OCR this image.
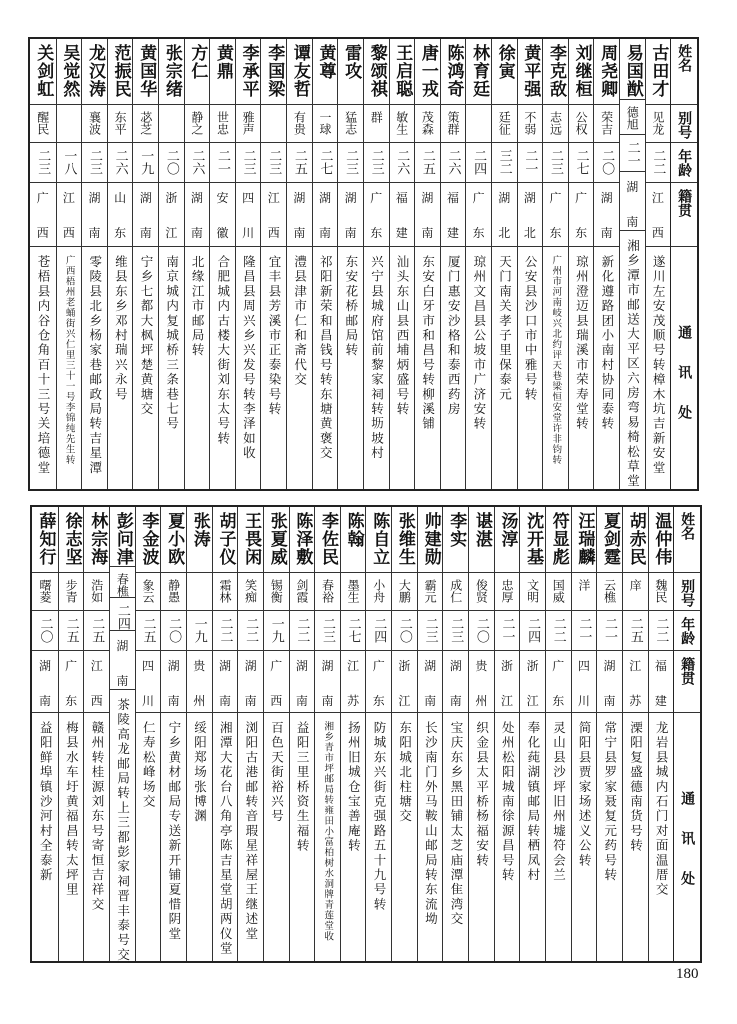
姓名
别号
年龄
籍贯
通讯处
古田才
见龙
二二
江
西
遂川左安茂顺号转樟木坑吉新安堂
易国猷
德旭
二一
湖
南
湘乡潭市邮送大平区六房弯易椅松草堂
周尧卿
荣吉
二〇
湖
南
新化遵路团小南村协同泰转
刘继桓
公权
二七
广
东
琼州澄迈县瑞溪市荣寿堂转
李克敌
志远
二三
广
东
广州市河南岐兴北约评天巷梁恒安堂许非钧转
黄平强
不弱
二一
湖
北
公安县沙口市中雅号转
徐寅
廷征
三二
湖
北
天门南关孝子里保泰元
林育廷
二四
广
东
琼州文昌县公坡市广济安转
陈鸿奇
策群
二六
福
建
厦门惠安沙格和泰西药房
唐一戎
茂森
二五
湖
南
东安白牙市和昌号转柳溪铺
王启聪
敏生
二六
福
建
汕头东山县西埔炳盛号转
黎颂祺
群
二三
广
东
兴宁县城府馆前黎家祠转坜坡村
雷攻
猛志
二三
湖
南
东安花桥邮局转
黄尊
一球
二七
湖
南
祁阳新荣和昌钱号转东塘黄褒交
谭友哲
有贵
二五
湖
南
澧县津市仁和斋代交
李国梁
二三
江
西
宜丰县芳溪市正泰染号转
李承平
雅声
二三
四
川
隆昌县周兴乡兴发号转李泽如收
黄鼎
世忠
二一
安
徽
合肥城内古楼大街刘东太号转
方仁
静之
二六
湖
南
北缘江市邮局转
张宗绪
二〇
浙
江
南京城内复城桥三条巷七号
黄国华
苾芝
一九
湖
南
宁乡七都大枫坪楚黄塘交
范振民
东平
二六
山
东
维县东乡邓村瑞兴永号
龙汉涛
襄波
二三
湖
南
零陵县北乡杨家巷邮政局转吉星潭
吴觉然
一八
江
西
广西梧州老蛹街兴仁里三十一号李锦纯先生转
关剑虹
醒民
二三
广
西
苍梧县内谷仓角百十三号关培德堂
姓名
别号
年龄
籍贯
通讯处
温仲伟
魏民
二二
福
建
龙岩县城内石门对面温厝交
胡赤民
庠
二五
江
苏
溧阳复盛德南货号转
夏剑霆
云樵
二一
湖
南
常宁县罗家聂复元药号转
汪瑞麟
洋
二一
四
川
简阳县贾家场述义公转
符显彪
国威
二二
广
东
灵山县沙坪旧州墟符会兰
沈开基
文明
二四
浙
江
奉化莼湖镇邮局转栖凤村
汤淳
忠厚
二一
浙
江
处州松阳城南徐源昌号转
谌湛
俊贤
二〇
贵
州
织金县太平桥杨福安转
李实
成仁
二三
湖
南
宝庆东乡黑田铺太芝庙潭隹湾交
帅建勋
霸元
二三
湖
南
长沙南门外马鞍山邮局转东流坳
张维生
大鹏
二〇
浙
江
东阳城北柱塘交
陈自立
小舟
二四
广
东
防城东兴街克强路五十九号转
陈翰
墨生
二七
江
苏
扬州旧城仓宝善庵转
李佐民
春裕
二三
湖
南
湘乡青市坪邮局转雍田小富柏树水洞牌青莲堂收
陈泽敷
剑霞
二二
湖
南
益阳三里桥资生福转
张夏威
锡衡
一九
广
西
百色天街裕兴号
王畏闲
笑痴
二二
湖
南
浏阳古港邮转音瑕星祥屋王继述堂
胡子仪
霜林
二二
湖
南
湘潭大花台八角亭陈吉星堂胡两仪堂
张涛
一九
贵
州
绥阳郑场张博渊
夏小欧
静愚
二〇
湖
南
宁乡黄材邮局专送新开铺夏惜阴堂
李金波
象云
二五
四
川
仁寿松峰场交
彭问津
春樵
二四
湖
南
茶陵高龙邮局转上三都彭家祠晋丰泰号交
林宗海
浩如
二五
江
西
赣州转桂源刘东号寄恒吉祥交
徐志坚
步青
二五
广
东
梅县水车圩黄福昌转太坪里
薛知行
曙菱
二〇
湖
南
益阳鲜埠镇沙河村全泰新
180
